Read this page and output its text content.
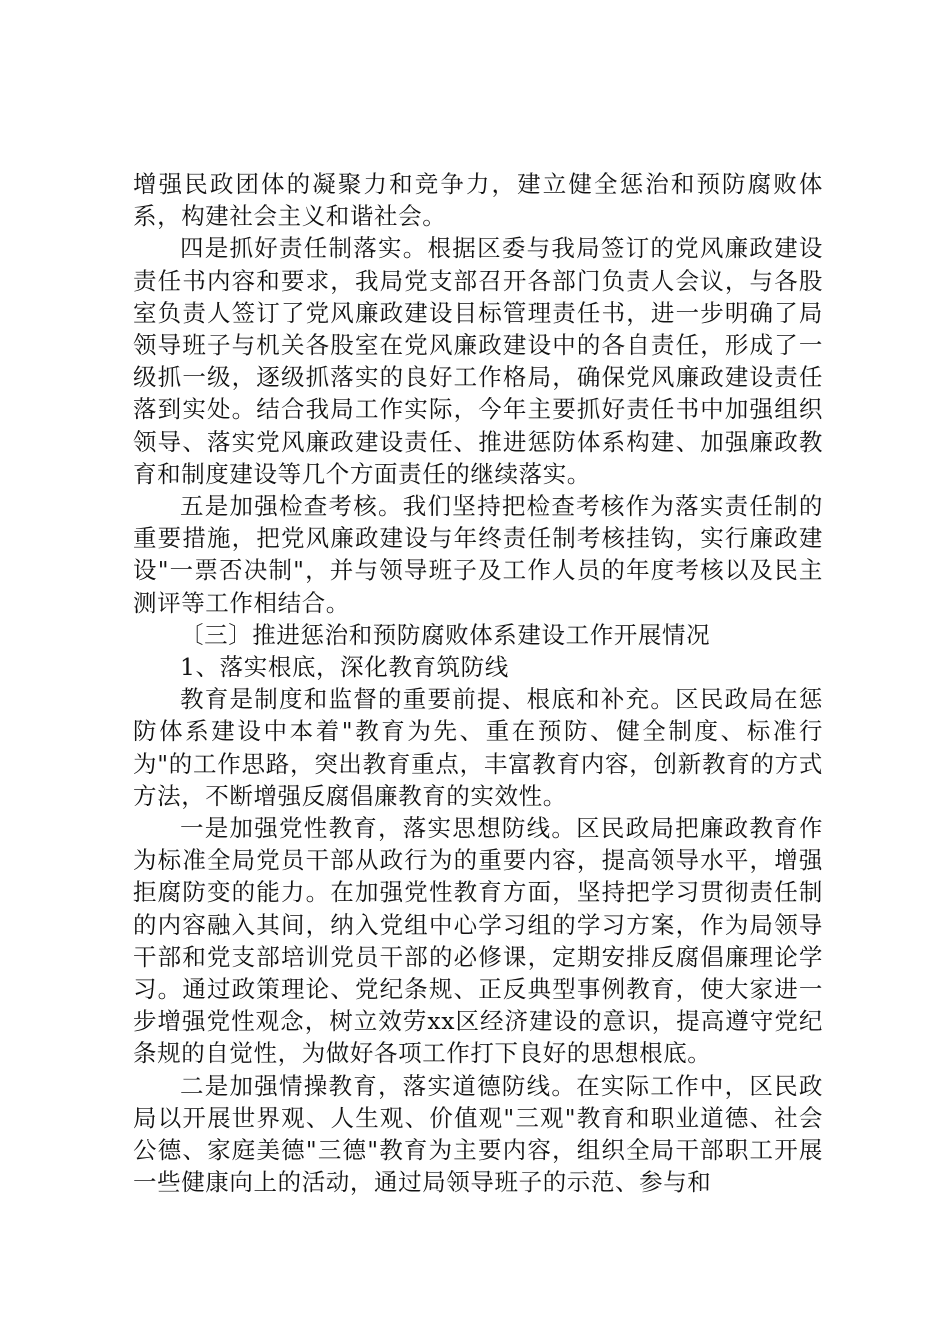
增强民政团体的凝聚力和竞争力，建立健全惩治和预防腐败体系，构建社会主义和谐社会。

四是抓好责任制落实。根据区委与我局签订的党风廉政建设责任书内容和要求，我局党支部召开各部门负责人会议，与各股室负责人签订了党风廉政建设目标管理责任书，进一步明确了局领导班子与机关各股室在党风廉政建设中的各自责任，形成了一级抓一级，逐级抓落实的良好工作格局，确保党风廉政建设责任落到实处。结合我局工作实际，今年主要抓好责任书中加强组织领导、落实党风廉政建设责任、推进惩防体系构建、加强廉政教育和制度建设等几个方面责任的继续落实。

五是加强检查考核。我们坚持把检查考核作为落实责任制的重要措施，把党风廉政建设与年终责任制考核挂钩，实行廉政建设"一票否决制"，并与领导班子及工作人员的年度考核以及民主测评等工作相结合。

〔三〕推进惩治和预防腐败体系建设工作开展情况

1、落实根底，深化教育筑防线

教育是制度和监督的重要前提、根底和补充。区民政局在惩防体系建设中本着"教育为先、重在预防、健全制度、标准行为"的工作思路，突出教育重点，丰富教育内容，创新教育的方式方法，不断增强反腐倡廉教育的实效性。

一是加强党性教育，落实思想防线。区民政局把廉政教育作为标准全局党员干部从政行为的重要内容，提高领导水平，增强拒腐防变的能力。在加强党性教育方面，坚持把学习贯彻责任制的内容融入其间，纳入党组中心学习组的学习方案，作为局领导干部和党支部培训党员干部的必修课，定期安排反腐倡廉理论学习。通过政策理论、党纪条规、正反典型事例教育，使大家进一步增强党性观念，树立效劳xx区经济建设的意识，提高遵守党纪条规的自觉性，为做好各项工作打下良好的思想根底。

二是加强情操教育，落实道德防线。在实际工作中，区民政局以开展世界观、人生观、价值观"三观"教育和职业道德、社会公德、家庭美德"三德"教育为主要内容，组织全局干部职工开展一些健康向上的活动，通过局领导班子的示范、参与和
